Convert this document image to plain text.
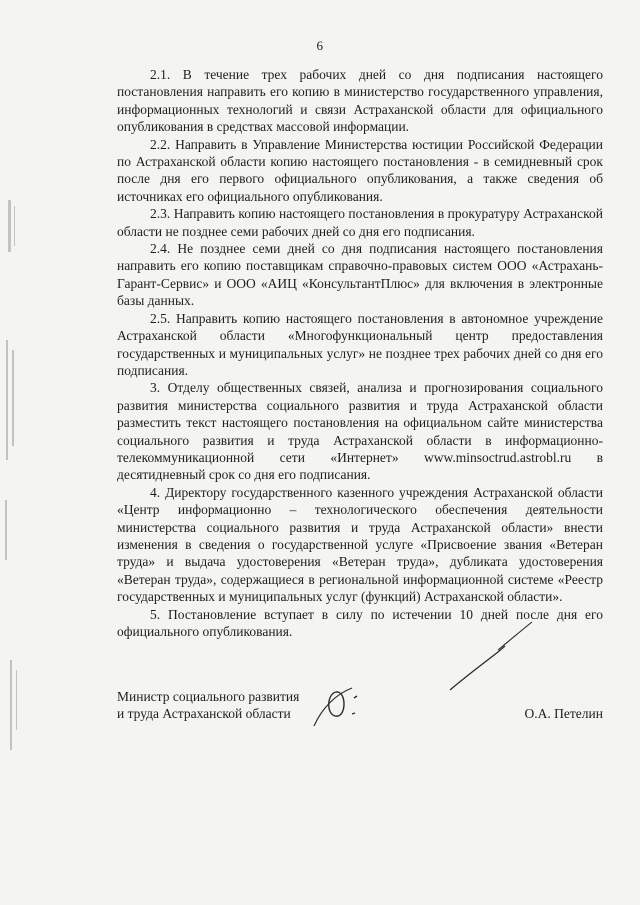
6

2.1. В течение трех рабочих дней со дня подписания настоящего постановления направить его копию в министерство государственного управления, информационных технологий и связи Астраханской области для официального опубликования в средствах массовой информации.

2.2. Направить в Управление Министерства юстиции Российской Федерации по Астраханской области копию настоящего постановления - в семидневный срок после дня его первого официального опубликования, а также сведения об источниках его официального опубликования.

2.3. Направить копию настоящего постановления в прокуратуру Астраханской области не позднее семи рабочих дней со дня его подписания.

2.4. Не позднее семи дней со дня подписания настоящего постановления направить его копию поставщикам справочно-правовых систем ООО «Астрахань-Гарант-Сервис» и ООО «АИЦ «КонсультантПлюс» для включения в электронные базы данных.

2.5. Направить копию настоящего постановления в автономное учреждение Астраханской области «Многофункциональный центр предоставления государственных и муниципальных услуг» не позднее трех рабочих дней со дня его подписания.

3. Отделу общественных связей, анализа и прогнозирования социального развития министерства социального развития и труда Астраханской области разместить текст настоящего постановления на официальном сайте министерства социального развития и труда Астраханской области в информационно-телекоммуникационной сети «Интернет» www.minsoctrud.astrobl.ru в десятидневный срок со дня его подписания.

4. Директору государственного казенного учреждения Астраханской области «Центр информационно – технологического обеспечения деятельности министерства социального развития и труда Астраханской области» внести изменения в сведения о государственной услуге «Присвоение звания «Ветеран труда» и выдача удостоверения «Ветеран труда», дубликата удостоверения «Ветеран труда», содержащиеся в региональной информационной системе «Реестр государственных и муниципальных услуг (функций) Астраханской области».

5. Постановление вступает в силу по истечении 10 дней после дня его официального опубликования.

Министр социального развития
и труда Астраханской области	О.А. Петелин
